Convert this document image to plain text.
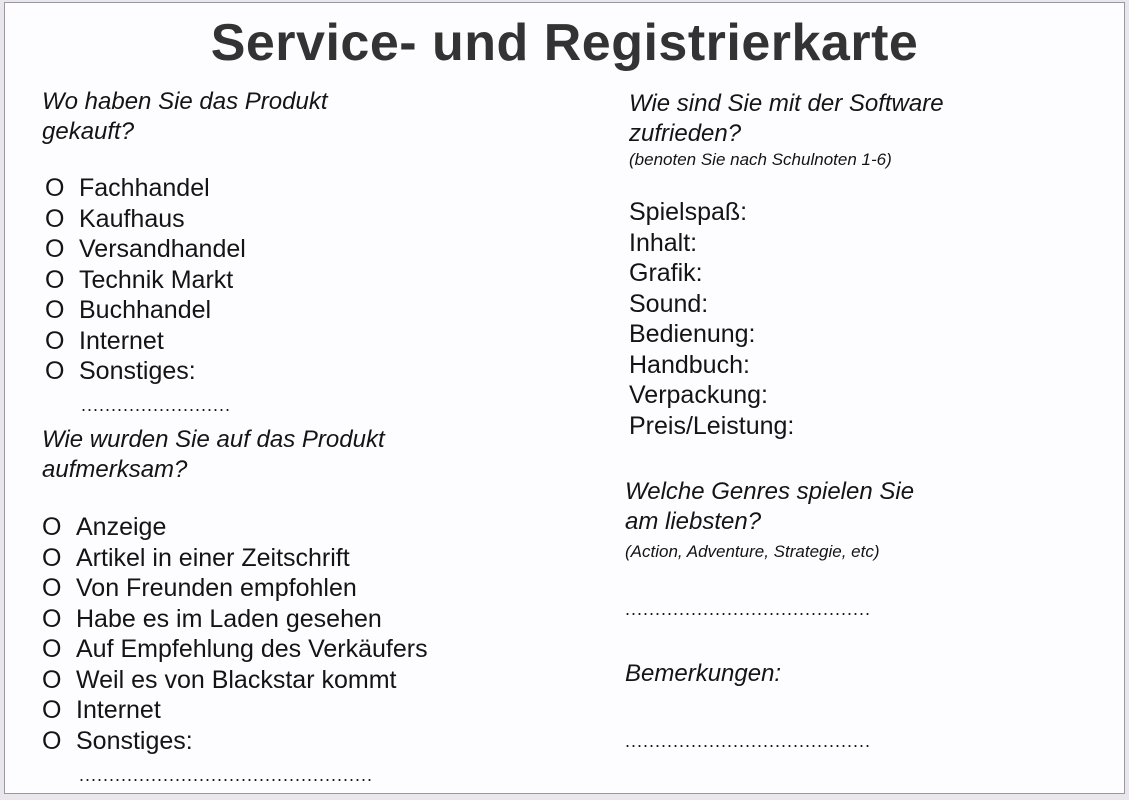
Service- und Registrierkarte
Wo haben Sie das Produkt
gekauft?
O Fachhandel
O Kaufhaus
O Versandhandel
O Technik Markt
O Buchhandel
O Internet
O Sonstiges:
.........................
Wie wurden Sie auf das Produkt
aufmerksam?
O Anzeige
O Artikel in einer Zeitschrift
O Von Freunden empfohlen
O Habe es im Laden gesehen
O Auf Empfehlung des Verkäufers
O Weil es von Blackstar kommt
O Internet
O Sonstiges:
.................................................
Wie sind Sie mit der Software
zufrieden?
(benoten Sie nach Schulnoten 1-6)
Spielspaß:
Inhalt:
Grafik:
Sound:
Bedienung:
Handbuch:
Verpackung:
Preis/Leistung:
Welche Genres spielen Sie
am liebsten?
(Action, Adventure, Strategie, etc)
.........................................
Bemerkungen:
.........................................
